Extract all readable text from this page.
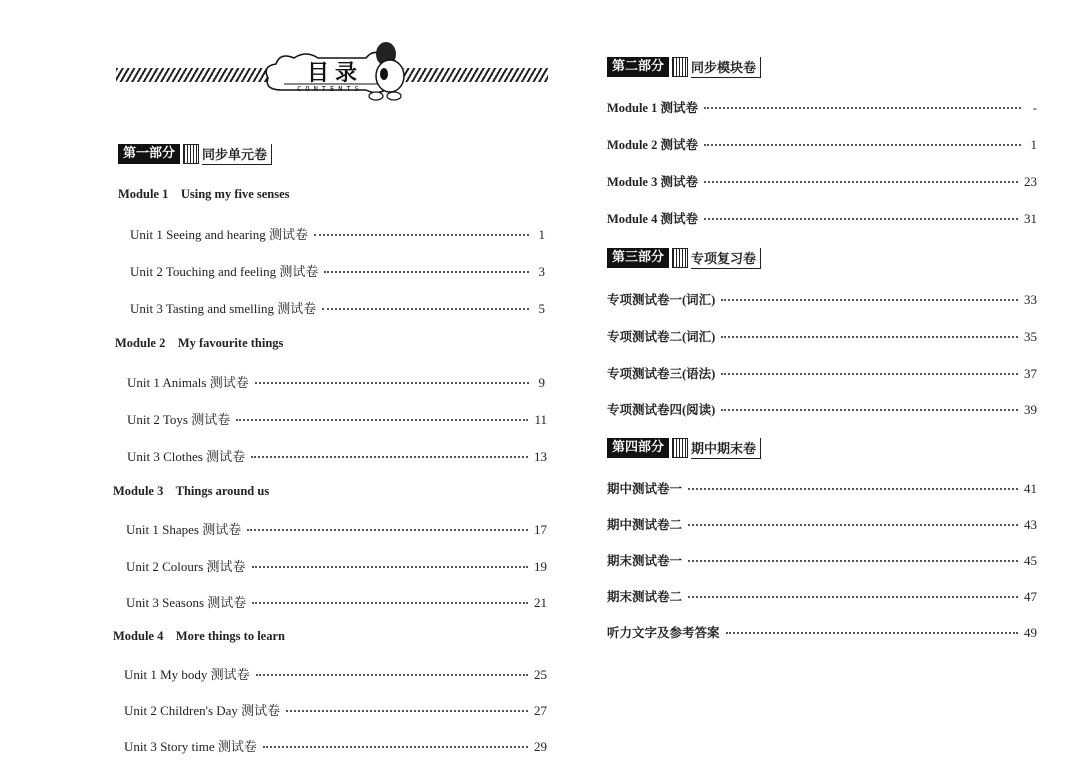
目录
CONTENTS
第一部分	同步单元卷
Module 1    Using my five senses
Unit 1 Seeing and hearing 测试卷	1
Unit 2 Touching and feeling 测试卷	3
Unit 3 Tasting and smelling 测试卷	5
Module 2    My favourite things
Unit 1 Animals 测试卷	9
Unit 2 Toys 测试卷	11
Unit 3 Clothes 测试卷	13
Module 3    Things around us
Unit 1 Shapes 测试卷	17
Unit 2 Colours 测试卷	19
Unit 3 Seasons 测试卷	21
Module 4    More things to learn
Unit 1 My body 测试卷	25
Unit 2 Children's Day 测试卷	27
Unit 3 Story time 测试卷	29
第二部分	同步模块卷
Module 1 测试卷	-
Module 2 测试卷	1
Module 3 测试卷	23
Module 4 测试卷	31
第三部分	专项复习卷
专项测试卷一(词汇)	33
专项测试卷二(词汇)	35
专项测试卷三(语法)	37
专项测试卷四(阅读)	39
第四部分	期中期末卷
期中测试卷一	41
期中测试卷二	43
期末测试卷一	45
期末测试卷二	47
听力文字及参考答案	49
